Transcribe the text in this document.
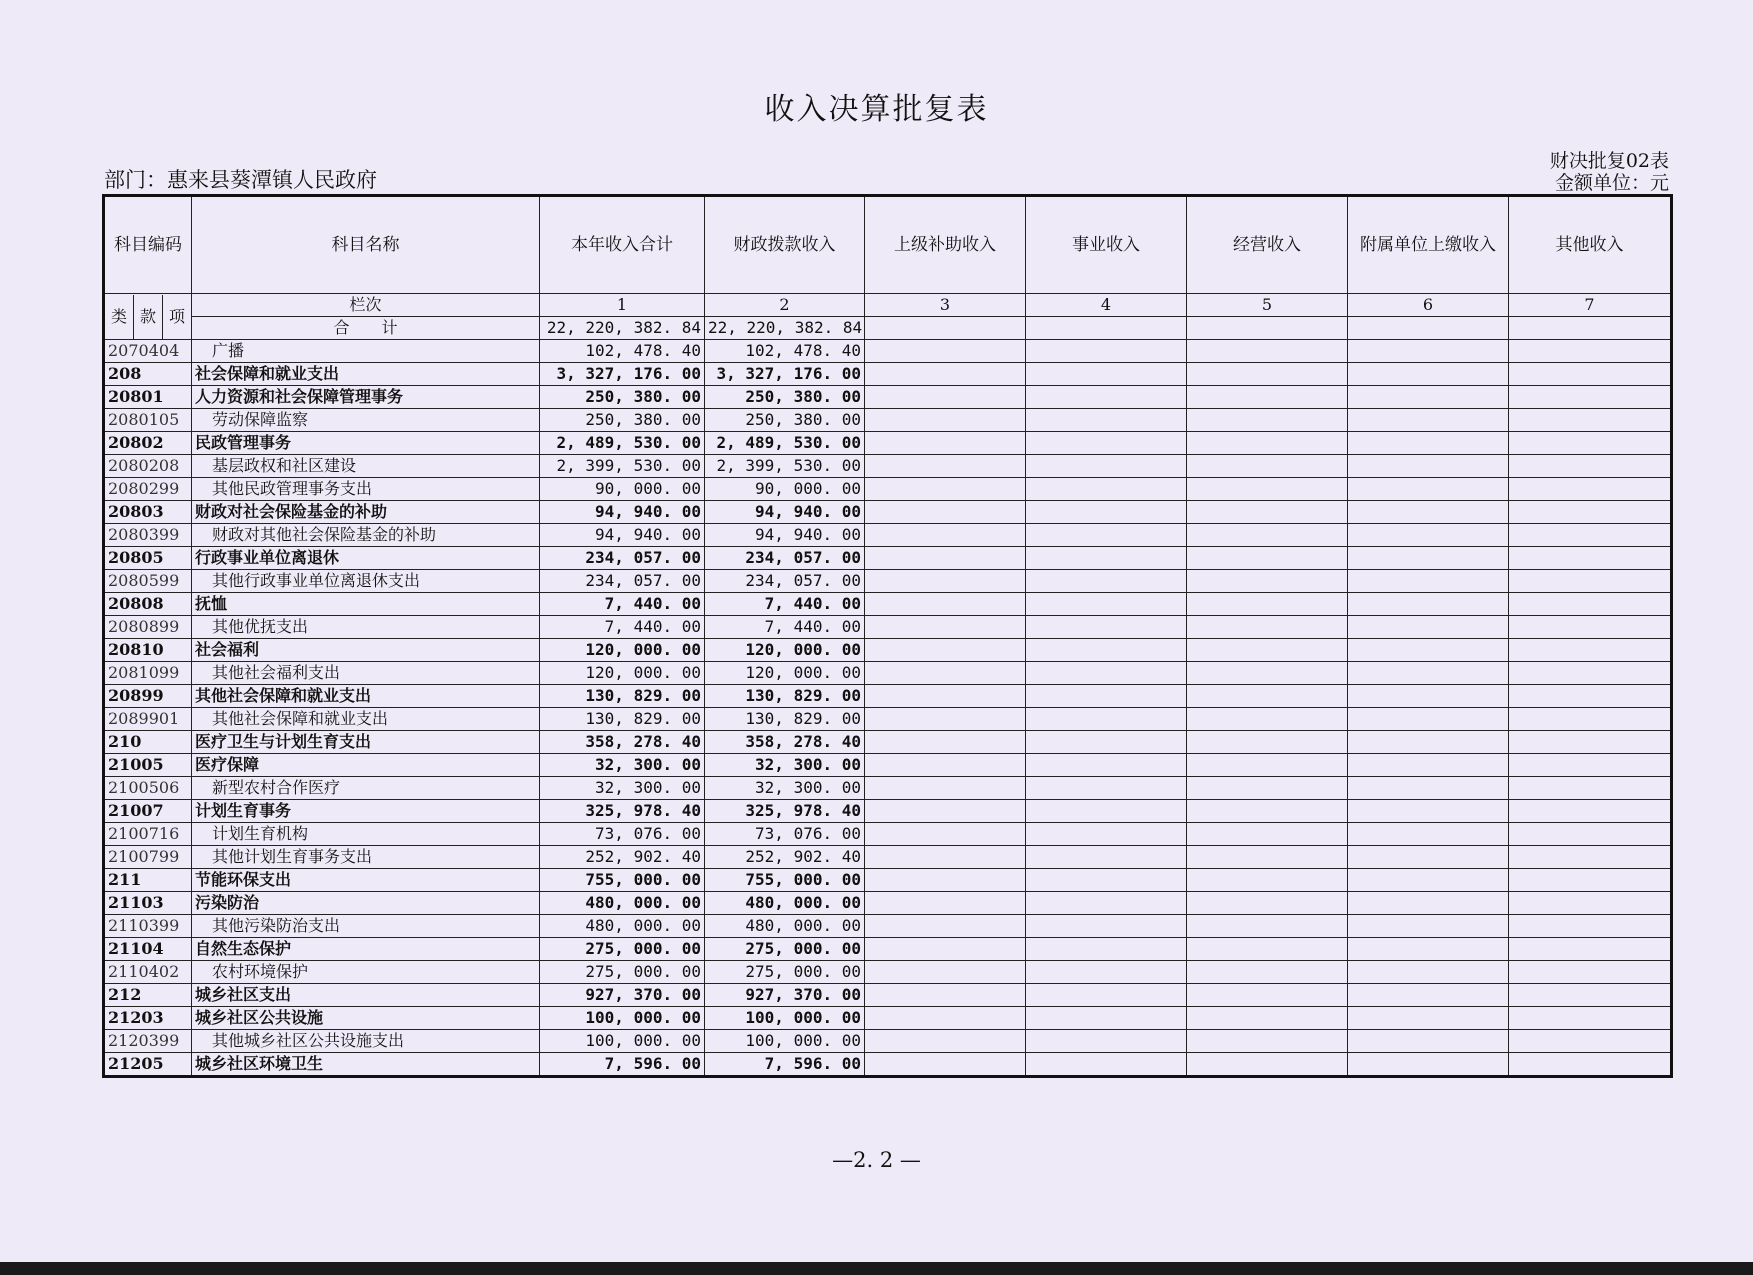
收入决算批复表
部门：惠来县葵潭镇人民政府
财决批复02表
金额单位：元
科目编码	科目名称	本年收入合计	财政拨款收入	上级补助收入	事业收入	经营收入	附属单位上缴收入	其他收入

类 款 项	栏次	1	2	3	4	5	6	7
	合　　计	22, 220, 382. 84	22, 220, 382. 84					
2070404	广播	102, 478. 40	102, 478. 40					
208	社会保障和就业支出	3, 327, 176. 00	3, 327, 176. 00					
20801	人力资源和社会保障管理事务	250, 380. 00	250, 380. 00					
2080105	劳动保障监察	250, 380. 00	250, 380. 00					
20802	民政管理事务	2, 489, 530. 00	2, 489, 530. 00					
2080208	基层政权和社区建设	2, 399, 530. 00	2, 399, 530. 00					
2080299	其他民政管理事务支出	90, 000. 00	90, 000. 00					
20803	财政对社会保险基金的补助	94, 940. 00	94, 940. 00					
2080399	财政对其他社会保险基金的补助	94, 940. 00	94, 940. 00					
20805	行政事业单位离退休	234, 057. 00	234, 057. 00					
2080599	其他行政事业单位离退休支出	234, 057. 00	234, 057. 00					
20808	抚恤	7, 440. 00	7, 440. 00					
2080899	其他优抚支出	7, 440. 00	7, 440. 00					
20810	社会福利	120, 000. 00	120, 000. 00					
2081099	其他社会福利支出	120, 000. 00	120, 000. 00					
20899	其他社会保障和就业支出	130, 829. 00	130, 829. 00					
2089901	其他社会保障和就业支出	130, 829. 00	130, 829. 00					
210	医疗卫生与计划生育支出	358, 278. 40	358, 278. 40					
21005	医疗保障	32, 300. 00	32, 300. 00					
2100506	新型农村合作医疗	32, 300. 00	32, 300. 00					
21007	计划生育事务	325, 978. 40	325, 978. 40					
2100716	计划生育机构	73, 076. 00	73, 076. 00					
2100799	其他计划生育事务支出	252, 902. 40	252, 902. 40					
211	节能环保支出	755, 000. 00	755, 000. 00					
21103	污染防治	480, 000. 00	480, 000. 00					
2110399	其他污染防治支出	480, 000. 00	480, 000. 00					
21104	自然生态保护	275, 000. 00	275, 000. 00					
2110402	农村环境保护	275, 000. 00	275, 000. 00					
212	城乡社区支出	927, 370. 00	927, 370. 00					
21203	城乡社区公共设施	100, 000. 00	100, 000. 00					
2120399	其他城乡社区公共设施支出	100, 000. 00	100, 000. 00					
21205	城乡社区环境卫生	7, 596. 00	7, 596. 00					
—2. 2 —
